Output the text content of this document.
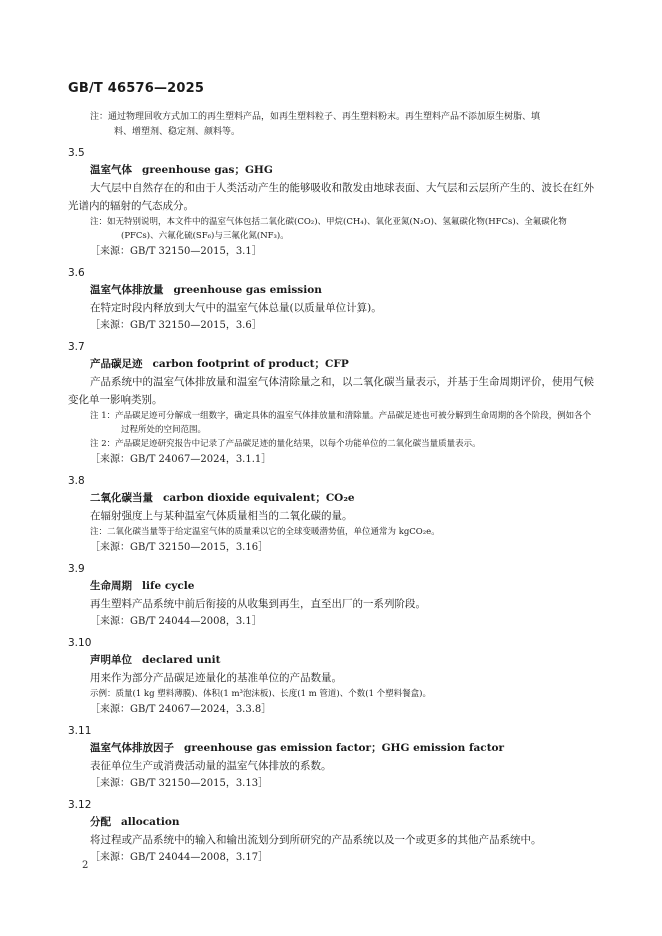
GB/T 46576—2025

注：通过物理回收方式加工的再生塑料产品，如再生塑料粒子、再生塑料粉末。再生塑料产品不添加原生树脂、填

料、增塑剂、稳定剂、颜料等。

3.5

温室气体 greenhouse gas；GHG

大气层中自然存在的和由于人类活动产生的能够吸收和散发由地球表面、大气层和云层所产生的、波长在红外光谱内的辐射的气态成分。

注：如无特别说明，本文件中的温室气体包括二氧化碳(CO₂)、甲烷(CH₄)、氧化亚氮(N₂O)、氢氟碳化物(HFCs)、全氟碳化物(PFCs)、六氟化硫(SF₆)与三氟化氮(NF₃)。

［来源：GB/T 32150—2015，3.1］

3.6

温室气体排放量 greenhouse gas emission

在特定时段内释放到大气中的温室气体总量(以质量单位计算)。

［来源：GB/T 32150—2015，3.6］

3.7

产品碳足迹 carbon footprint of product；CFP

产品系统中的温室气体排放量和温室气体清除量之和，以二氧化碳当量表示，并基于生命周期评价，使用气候变化单一影响类别。

注 1：产品碳足迹可分解成一组数字，确定具体的温室气体排放量和清除量。产品碳足迹也可被分解到生命周期的各个阶段，例如各个过程所处的空间范围。

注 2：产品碳足迹研究报告中记录了产品碳足迹的量化结果，以每个功能单位的二氧化碳当量质量表示。

［来源：GB/T 24067—2024，3.1.1］

3.8

二氧化碳当量 carbon dioxide equivalent；CO₂e

在辐射强度上与某种温室气体质量相当的二氧化碳的量。

注：二氧化碳当量等于给定温室气体的质量乘以它的全球变暖潜势值，单位通常为 kgCO₂e。

［来源：GB/T 32150—2015，3.16］

3.9

生命周期 life cycle

再生塑料产品系统中前后衔接的从收集到再生，直至出厂的一系列阶段。

［来源：GB/T 24044—2008，3.1］

3.10

声明单位 declared unit

用来作为部分产品碳足迹量化的基准单位的产品数量。

示例：质量(1 kg 塑料薄膜)、体积(1 m³泡沫板)、长度(1 m 管道)、个数(1 个塑料餐盒)。

［来源：GB/T 24067—2024，3.3.8］

3.11

温室气体排放因子 greenhouse gas emission factor；GHG emission factor

表征单位生产或消费活动量的温室气体排放的系数。

［来源：GB/T 32150—2015，3.13］

3.12

分配 allocation

将过程或产品系统中的输入和输出流划分到所研究的产品系统以及一个或更多的其他产品系统中。

［来源：GB/T 24044—2008，3.17］

2
